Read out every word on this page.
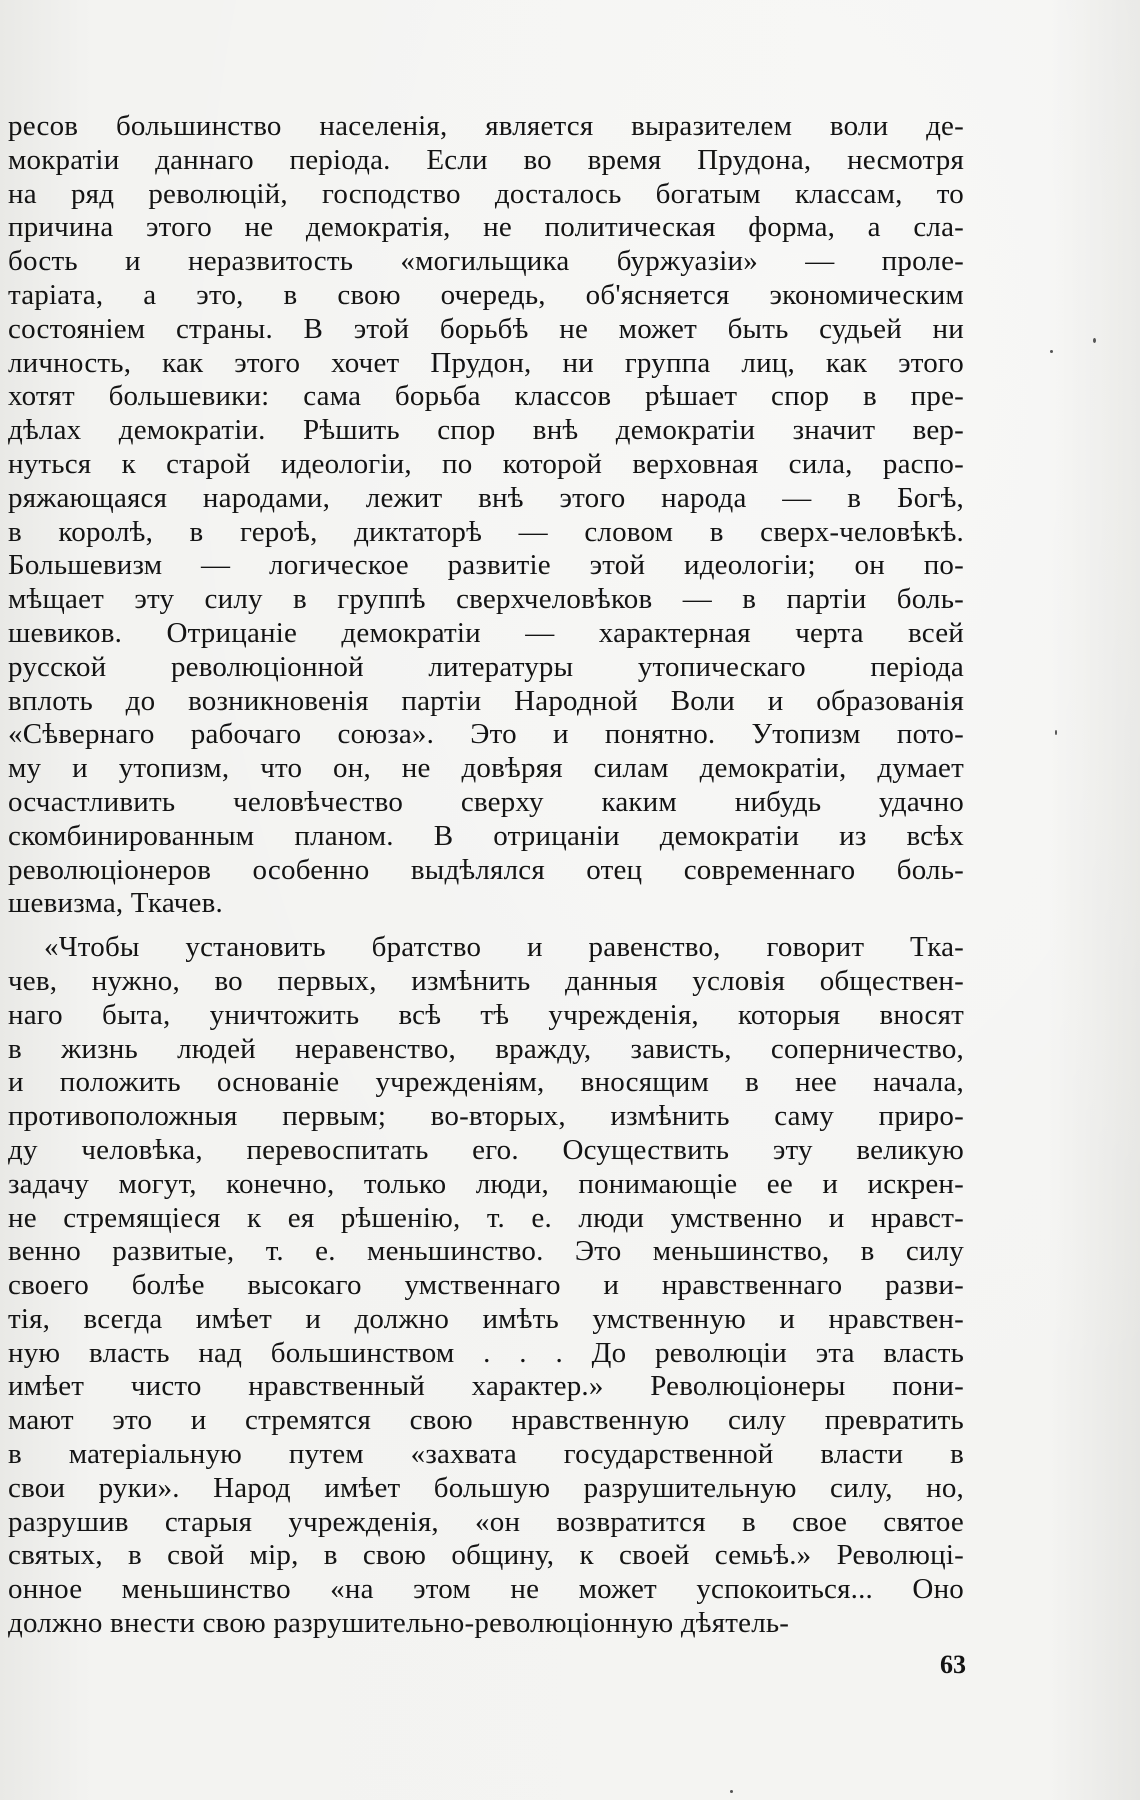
ресов большинство населенія, является выразителем воли де-
мократіи даннаго періода. Если во время Прудона, несмотря
на ряд революцій, господство досталось богатым классам, то
причина этого не демократія, не политическая форма, а сла-
бость и неразвитость «могильщика буржуазіи» — проле-
таріата, а это, в свою очередь, об'ясняется экономическим
состояніем страны. В этой борьбѣ не может быть судьей ни
личность, как этого хочет Прудон, ни группа лиц, как этого
хотят большевики: сама борьба классов рѣшает спор в пре-
дѣлах демократіи. Рѣшить спор внѣ демократіи значит вер-
нуться к старой идеологіи, по которой верховная сила, распо-
ряжающаяся народами, лежит внѣ этого народа — в Богѣ,
в королѣ, в героѣ, диктаторѣ — словом в сверх-человѣкѣ.
Большевизм — логическое развитіе этой идеологіи; он по-
мѣщает эту силу в группѣ сверхчеловѣков — в партіи боль-
шевиков. Отрицаніе демократіи — характерная черта всей
русской революціонной литературы утопическаго періода
вплоть до возникновенія партіи Народной Воли и образованія
«Сѣвернаго рабочаго союза». Это и понятно. Утопизм пото-
му и утопизм, что он, не довѣряя силам демократіи, думает
осчастливить человѣчество сверху каким нибудь удачно
скомбинированным планом. В отрицаніи демократіи из всѣх
революціонеров особенно выдѣлялся отец современнаго боль-
шевизма, Ткачев.

«Чтобы установить братство и равенство, говорит Тка-
чев, нужно, во первых, измѣнить данныя условія обществен-
наго быта, уничтожить всѣ тѣ учрежденія, которыя вносят
в жизнь людей неравенство, вражду, зависть, соперничество,
и положить основаніе учрежденіям, вносящим в нее начала,
противоположныя первым; во-вторых, измѣнить саму приро-
ду человѣка, перевоспитать его. Осуществить эту великую
задачу могут, конечно, только люди, понимающіе ее и искрен-
не стремящіеся к ея рѣшенію, т. е. люди умственно и нравст-
венно развитые, т. е. меньшинство. Это меньшинство, в силу
своего болѣе высокаго умственнаго и нравственнаго разви-
тія, всегда имѣет и должно имѣть умственную и нравствен-
ную власть над большинством . . . До революціи эта власть
имѣет чисто нравственный характер.» Революціонеры пони-
мают это и стремятся свою нравственную силу превратить
в матеріальную путем «захвата государственной власти в
свои руки». Народ имѣет большую разрушительную силу, но,
разрушив старыя учрежденія, «он возвратится в свое святое
святых, в свой мір, в свою общину, к своей семьѣ.» Революці-
онное меньшинство «на этом не может успокоиться... Оно
должно внести свою разрушительно-революціонную дѣятель-

63
